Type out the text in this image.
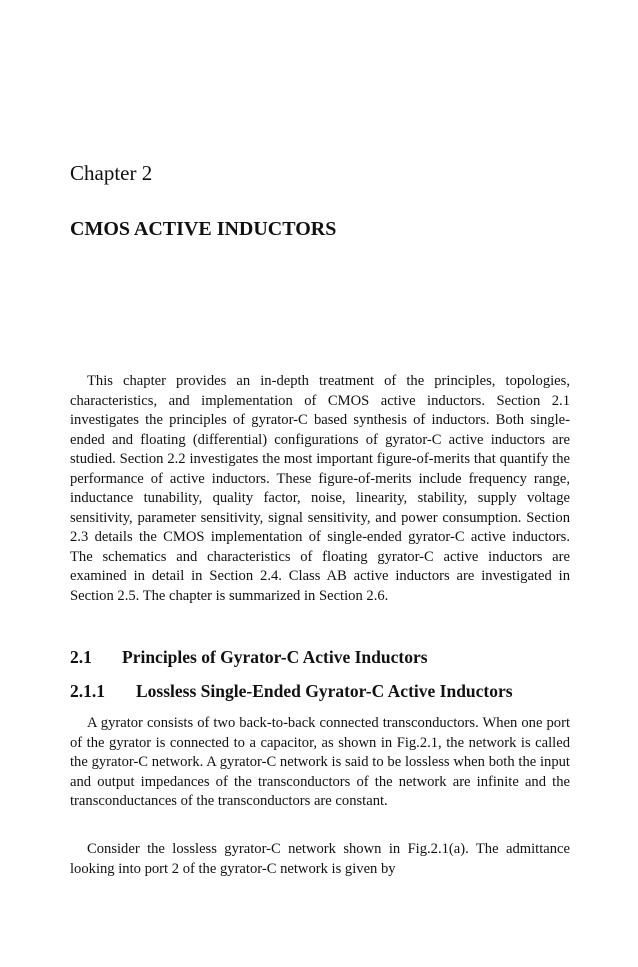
Chapter 2
CMOS ACTIVE INDUCTORS

This chapter provides an in-depth treatment of the principles, topologies, characteristics, and implementation of CMOS active inductors. Section 2.1 investigates the principles of gyrator-C based synthesis of inductors. Both single-ended and floating (differential) configurations of gyrator-C active inductors are studied. Section 2.2 investigates the most important figure-of-merits that quantify the performance of active inductors. These figure-of-merits include frequency range, inductance tunability, quality factor, noise, linearity, stability, supply voltage sensitivity, parameter sensitivity, signal sensitivity, and power consumption. Section 2.3 details the CMOS implementation of single-ended gyrator-C active inductors. The schematics and characteristics of floating gyrator-C active inductors are examined in detail in Section 2.4. Class AB active inductors are investigated in Section 2.5. The chapter is summarized in Section 2.6.

2.1 Principles of Gyrator-C Active Inductors
2.1.1 Lossless Single-Ended Gyrator-C Active Inductors

A gyrator consists of two back-to-back connected transconductors. When one port of the gyrator is connected to a capacitor, as shown in Fig.2.1, the network is called the gyrator-C network. A gyrator-C network is said to be lossless when both the input and output impedances of the transconductors of the network are infinite and the transconductances of the transconductors are constant.

Consider the lossless gyrator-C network shown in Fig.2.1(a). The admittance looking into port 2 of the gyrator-C network is given by
